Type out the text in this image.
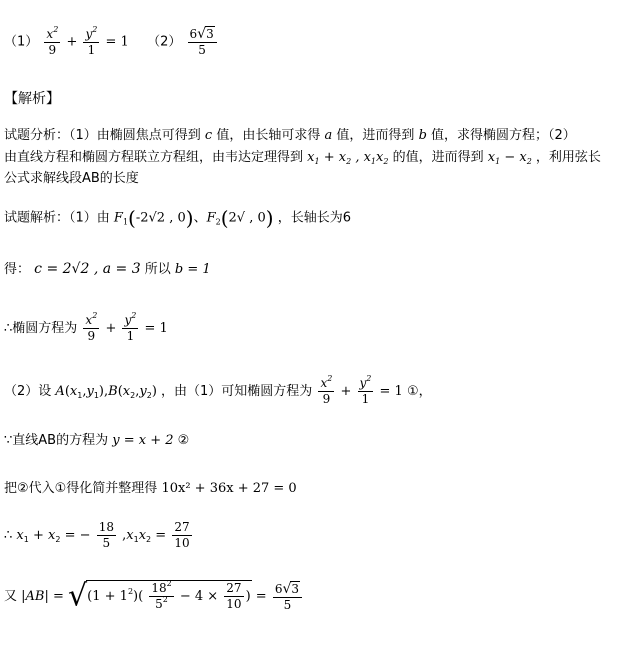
$(1) \frac{x^2}{9} + \frac{y^2}{1} = 1$ $(2) \frac{6√3}{5}$
【解析】
试题分析：（1）由椭圆焦点可得到 c 值，由长轴可求得 a 值，进而得到 b 值，求得椭圆方程；（2）
由直线方程和椭圆方程联立方程组，由韦达定理得到 $x_1 + x_2$ , $x_1x_2$ 的值，进而得到 $x_1 - x_2$ ，利用弦长
公式求解线段AB的长度
试题解析：（1）由 $F_1(-2√2$ , 0)、$F_2(2√$ , 0) ，长轴长为6
得： c = 2√2 , a = 3 所以 b = 1
∴椭圆方程为 $\frac{x^2}{9} + \frac{y^2}{1} = 1$
（2）设 $A(x_1,y_1),B(x_2,y_2)$ ，由（1）可知椭圆方程为 $\frac{x^2}{9} + \frac{y^2}{1} = 1$ ①，
∵直线AB的方程为 y = x + 2 ②
把②代入①得化简并整理得 10x² + 36x + 27 = 0
∴ $x_1 + x_2$ = − $\frac{18}{5} ,x_1x_2 = \frac{27}{10}$
又 $|AB| = √(1 + 1^2)( \frac{18^2}{5^2} - 4 \times \frac{27}{10}$ ) = $\frac{6√3}{5}$
